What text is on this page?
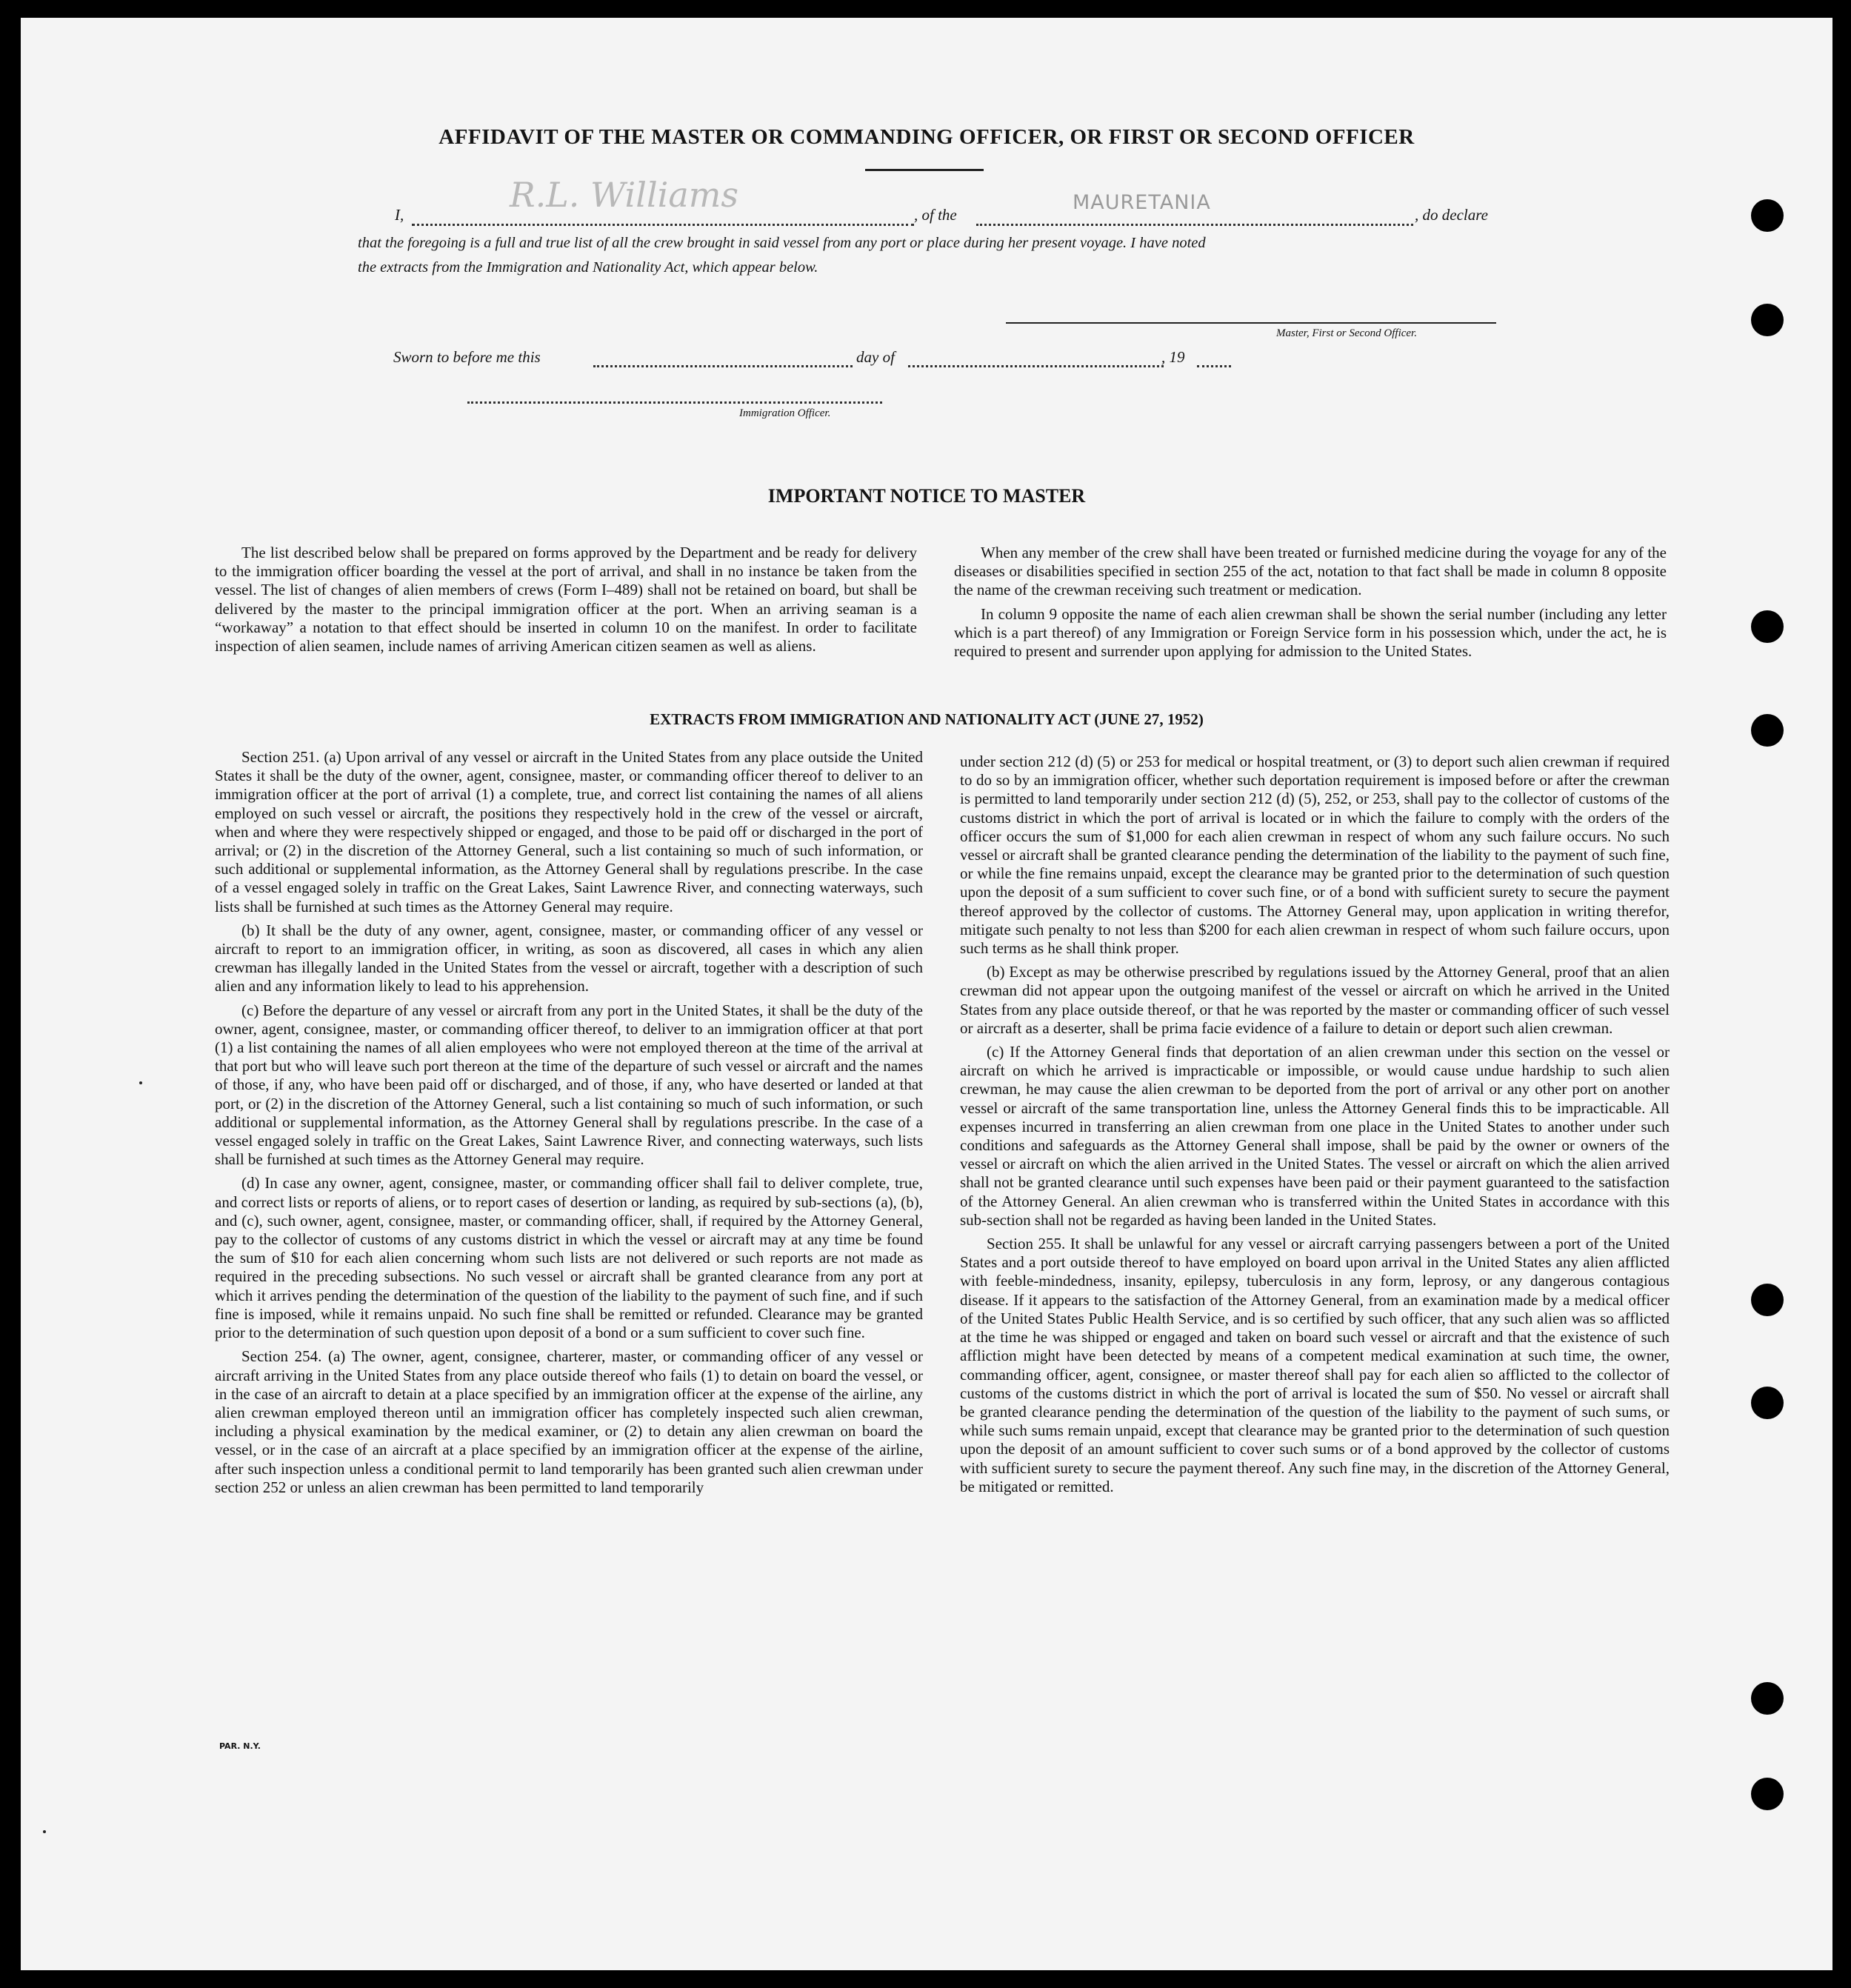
AFFIDAVIT OF THE MASTER OR COMMANDING OFFICER, OR FIRST OR SECOND OFFICER
I,	R.L. Williams	, of the
MAURETANIA
, do declare
that the foregoing is a full and true list of all the crew brought in said vessel from any port or place during her present voyage. I have noted
the extracts from the Immigration and Nationality Act, which appear below.
Master, First or Second Officer.
Sworn to before me this	day of	, 19
Immigration Officer.
IMPORTANT NOTICE TO MASTER

The list described below shall be prepared on forms approved by the Department and be ready for delivery to the immigration officer boarding the vessel at the port of arrival, and shall in no instance be taken from the vessel. The list of changes of alien members of crews (Form I–489) shall not be retained on board, but shall be delivered by the master to the principal immigration officer at the port. When an arriving seaman is a “workaway” a notation to that effect should be inserted in column 10 on the manifest. In order to facilitate inspection of alien seamen, include names of arriving American citizen seamen as well as aliens.

When any member of the crew shall have been treated or furnished medicine during the voyage for any of the diseases or disabilities specified in section 255 of the act, notation to that fact shall be made in column 8 opposite the name of the crewman receiving such treatment or medication.

In column 9 opposite the name of each alien crewman shall be shown the serial number (including any letter which is a part thereof) of any Immigration or Foreign Service form in his possession which, under the act, he is required to present and surrender upon applying for admission to the United States.

EXTRACTS FROM IMMIGRATION AND NATIONALITY ACT (JUNE 27, 1952)

Section 251. (a) Upon arrival of any vessel or aircraft in the United States from any place outside the United States it shall be the duty of the owner, agent, consignee, master, or commanding officer thereof to deliver to an immigration officer at the port of arrival (1) a complete, true, and correct list containing the names of all aliens employed on such vessel or aircraft, the positions they respectively hold in the crew of the vessel or aircraft, when and where they were respectively shipped or engaged, and those to be paid off or discharged in the port of arrival; or (2) in the discretion of the Attorney General, such a list containing so much of such information, or such additional or supplemental information, as the Attorney General shall by regulations prescribe. In the case of a vessel engaged solely in traffic on the Great Lakes, Saint Lawrence River, and connecting waterways, such lists shall be furnished at such times as the Attorney General may require.

(b) It shall be the duty of any owner, agent, consignee, master, or commanding officer of any vessel or aircraft to report to an immigration officer, in writing, as soon as discovered, all cases in which any alien crewman has illegally landed in the United States from the vessel or aircraft, together with a description of such alien and any information likely to lead to his apprehension.

(c) Before the departure of any vessel or aircraft from any port in the United States, it shall be the duty of the owner, agent, consignee, master, or commanding officer thereof, to deliver to an immigration officer at that port (1) a list containing the names of all alien employees who were not employed thereon at the time of the arrival at that port but who will leave such port thereon at the time of the departure of such vessel or aircraft and the names of those, if any, who have been paid off or discharged, and of those, if any, who have deserted or landed at that port, or (2) in the discretion of the Attorney General, such a list containing so much of such information, or such additional or supplemental information, as the Attorney General shall by regulations prescribe. In the case of a vessel engaged solely in traffic on the Great Lakes, Saint Lawrence River, and connecting waterways, such lists shall be furnished at such times as the Attorney General may require.

(d) In case any owner, agent, consignee, master, or commanding officer shall fail to deliver complete, true, and correct lists or reports of aliens, or to report cases of desertion or landing, as required by sub-sections (a), (b), and (c), such owner, agent, consignee, master, or commanding officer, shall, if required by the Attorney General, pay to the collector of customs of any customs district in which the vessel or aircraft may at any time be found the sum of $10 for each alien concerning whom such lists are not delivered or such reports are not made as required in the preceding subsections. No such vessel or aircraft shall be granted clearance from any port at which it arrives pending the determination of the question of the liability to the payment of such fine, and if such fine is imposed, while it remains unpaid. No such fine shall be remitted or refunded. Clearance may be granted prior to the determination of such question upon deposit of a bond or a sum sufficient to cover such fine.

Section 254. (a) The owner, agent, consignee, charterer, master, or commanding officer of any vessel or aircraft arriving in the United States from any place outside thereof who fails (1) to detain on board the vessel, or in the case of an aircraft to detain at a place specified by an immigration officer at the expense of the airline, any alien crewman employed thereon until an immigration officer has completely inspected such alien crewman, including a physical examination by the medical examiner, or (2) to detain any alien crewman on board the vessel, or in the case of an aircraft at a place specified by an immigration officer at the expense of the airline, after such inspection unless a conditional permit to land temporarily has been granted such alien crewman under section 252 or unless an alien crewman has been permitted to land temporarily

under section 212 (d) (5) or 253 for medical or hospital treatment, or (3) to deport such alien crewman if required to do so by an immigration officer, whether such deportation requirement is imposed before or after the crewman is permitted to land temporarily under section 212 (d) (5), 252, or 253, shall pay to the collector of customs of the customs district in which the port of arrival is located or in which the failure to comply with the orders of the officer occurs the sum of $1,000 for each alien crewman in respect of whom any such failure occurs. No such vessel or aircraft shall be granted clearance pending the determination of the liability to the payment of such fine, or while the fine remains unpaid, except the clearance may be granted prior to the determination of such question upon the deposit of a sum sufficient to cover such fine, or of a bond with sufficient surety to secure the payment thereof approved by the collector of customs. The Attorney General may, upon application in writing therefor, mitigate such penalty to not less than $200 for each alien crewman in respect of whom such failure occurs, upon such terms as he shall think proper.

(b) Except as may be otherwise prescribed by regulations issued by the Attorney General, proof that an alien crewman did not appear upon the outgoing manifest of the vessel or aircraft on which he arrived in the United States from any place outside thereof, or that he was reported by the master or commanding officer of such vessel or aircraft as a deserter, shall be prima facie evidence of a failure to detain or deport such alien crewman.

(c) If the Attorney General finds that deportation of an alien crewman under this section on the vessel or aircraft on which he arrived is impracticable or impossible, or would cause undue hardship to such alien crewman, he may cause the alien crewman to be deported from the port of arrival or any other port on another vessel or aircraft of the same transportation line, unless the Attorney General finds this to be impracticable. All expenses incurred in transferring an alien crewman from one place in the United States to another under such conditions and safeguards as the Attorney General shall impose, shall be paid by the owner or owners of the vessel or aircraft on which the alien arrived in the United States. The vessel or aircraft on which the alien arrived shall not be granted clearance until such expenses have been paid or their payment guaranteed to the satisfaction of the Attorney General. An alien crewman who is transferred within the United States in accordance with this sub-section shall not be regarded as having been landed in the United States.

Section 255. It shall be unlawful for any vessel or aircraft carrying passengers between a port of the United States and a port outside thereof to have employed on board upon arrival in the United States any alien afflicted with feeble-mindedness, insanity, epilepsy, tuberculosis in any form, leprosy, or any dangerous contagious disease. If it appears to the satisfaction of the Attorney General, from an examination made by a medical officer of the United States Public Health Service, and is so certified by such officer, that any such alien was so afflicted at the time he was shipped or engaged and taken on board such vessel or aircraft and that the existence of such affliction might have been detected by means of a competent medical examination at such time, the owner, commanding officer, agent, consignee, or master thereof shall pay for each alien so afflicted to the collector of customs of the customs district in which the port of arrival is located the sum of $50. No vessel or aircraft shall be granted clearance pending the determination of the question of the liability to the payment of such sums, or while such sums remain unpaid, except that clearance may be granted prior to the determination of such question upon the deposit of an amount sufficient to cover such sums or of a bond approved by the collector of customs with sufficient surety to secure the payment thereof. Any such fine may, in the discretion of the Attorney General, be mitigated or remitted.

PAR. N.Y.
